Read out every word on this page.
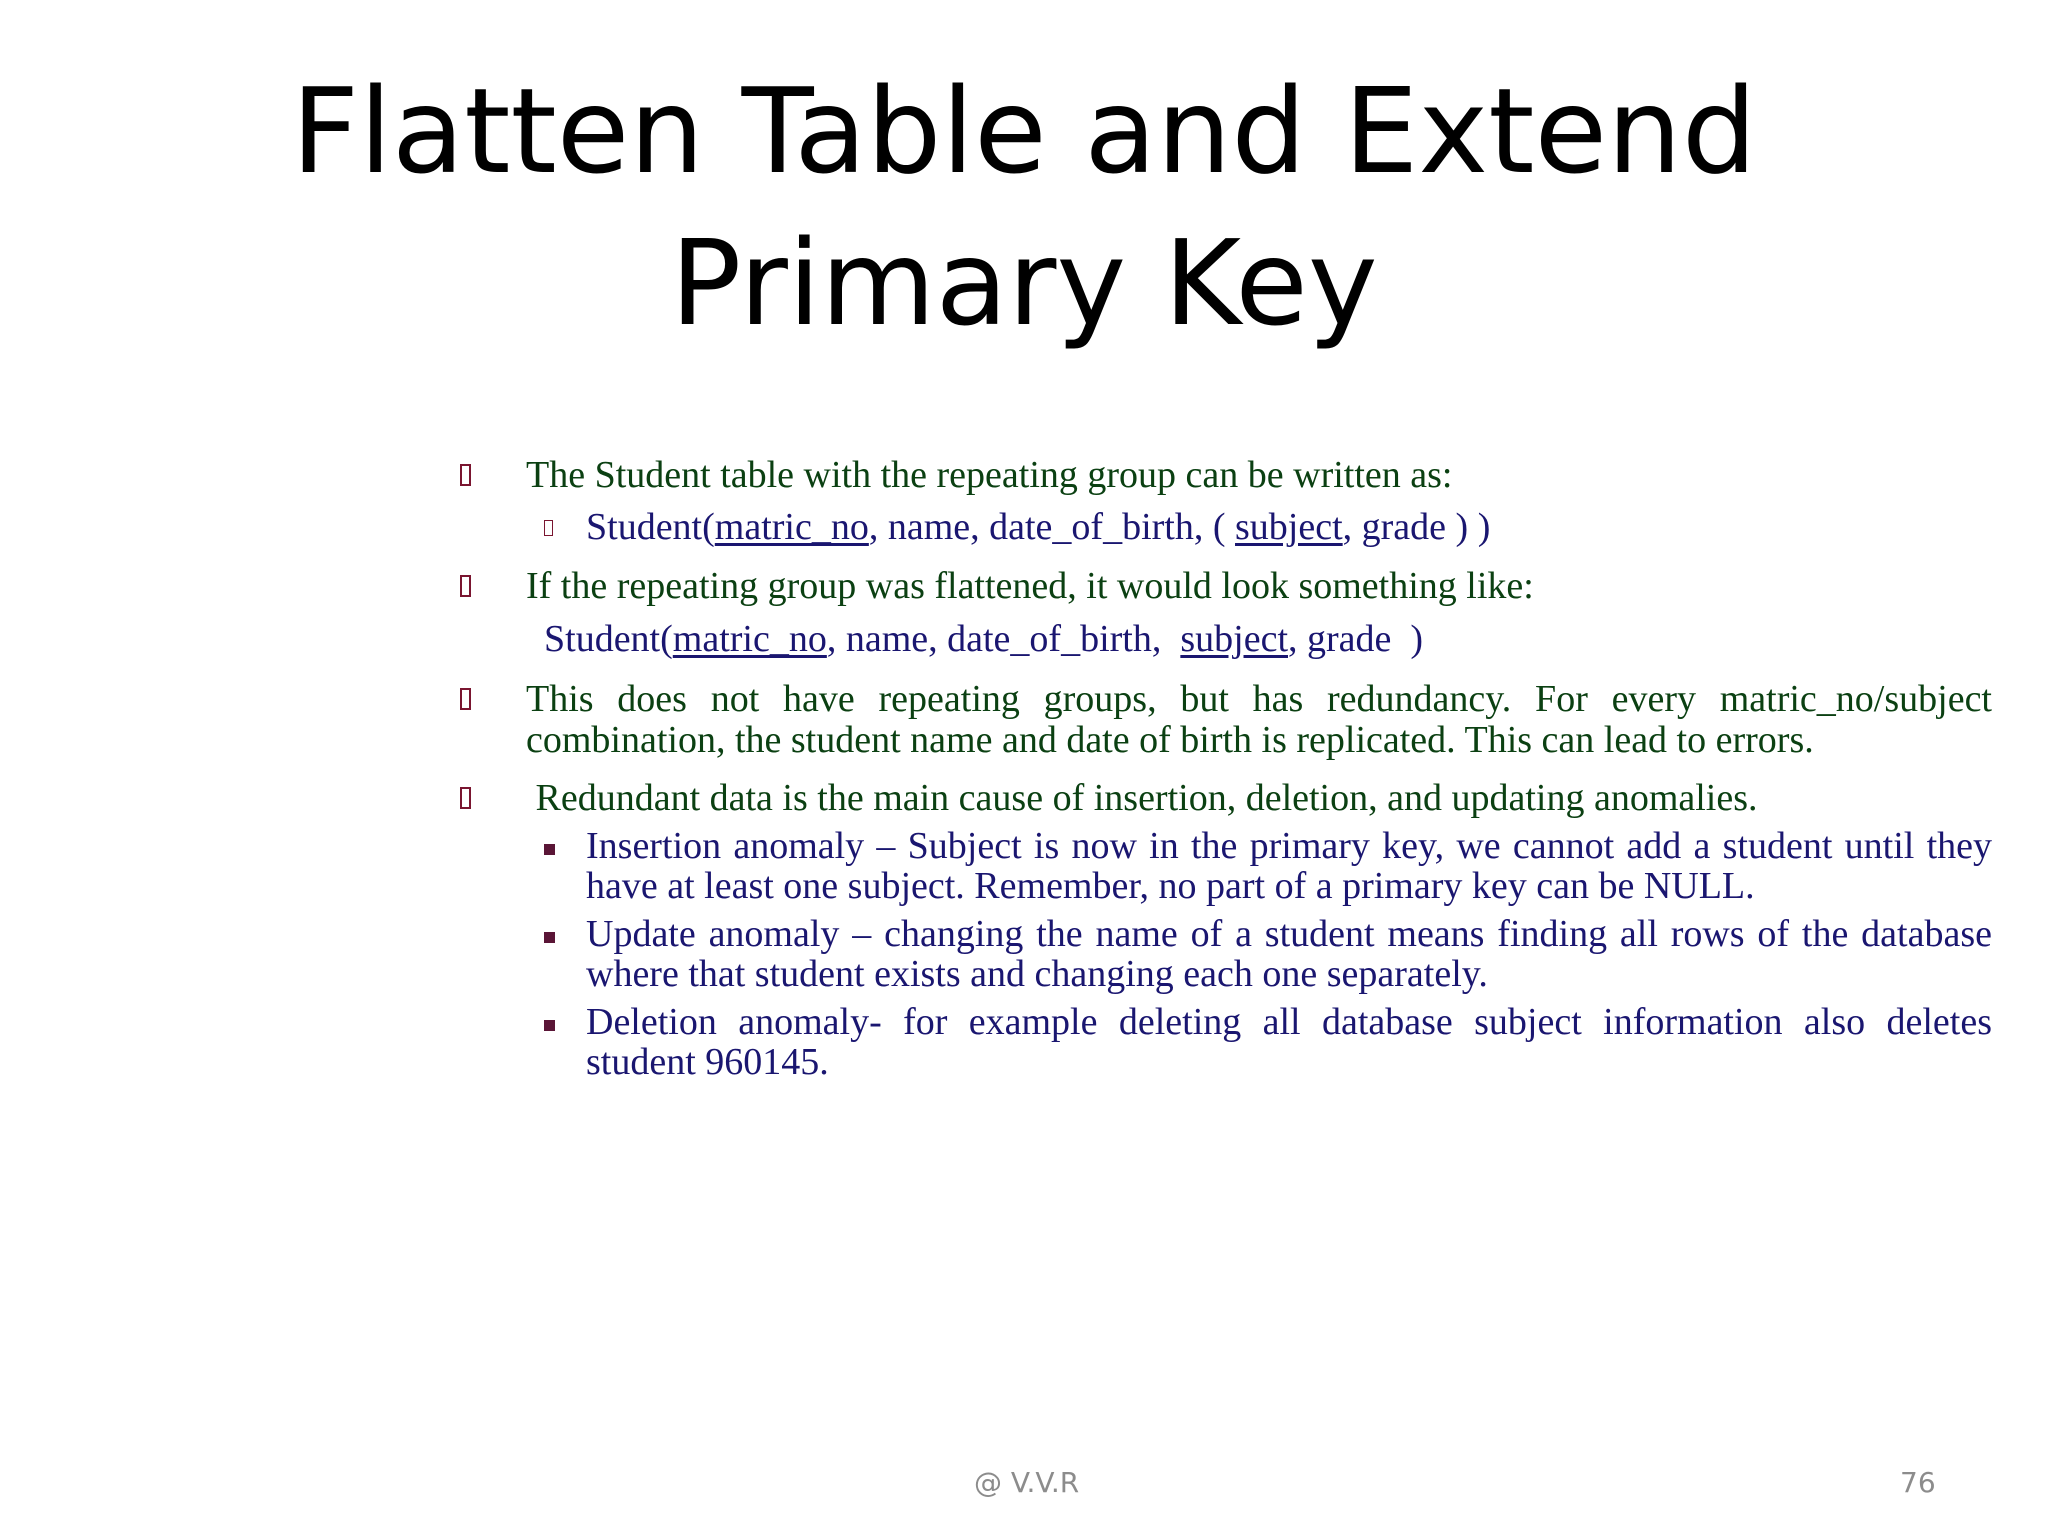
Flatten Table and Extend Primary Key
The Student table with the repeating group can be written as:
Student(matric_no, name, date_of_birth, ( subject, grade ) )
If the repeating group was flattened, it would look something like:
Student(matric_no, name, date_of_birth,  subject, grade  )
This does not have repeating groups, but has redundancy. For every matric_no/subject combination, the student name and date of birth is replicated. This can lead to errors.
Redundant data is the main cause of insertion, deletion, and updating anomalies.
Insertion anomaly – Subject is now in the primary key, we cannot add a student until they have at least one subject. Remember, no part of a primary key can be NULL.
Update anomaly – changing the name of a student means finding all rows of the database where that student exists and changing each one separately.
Deletion anomaly- for example deleting all database subject information also deletes student 960145.
@ V.V.R	76
